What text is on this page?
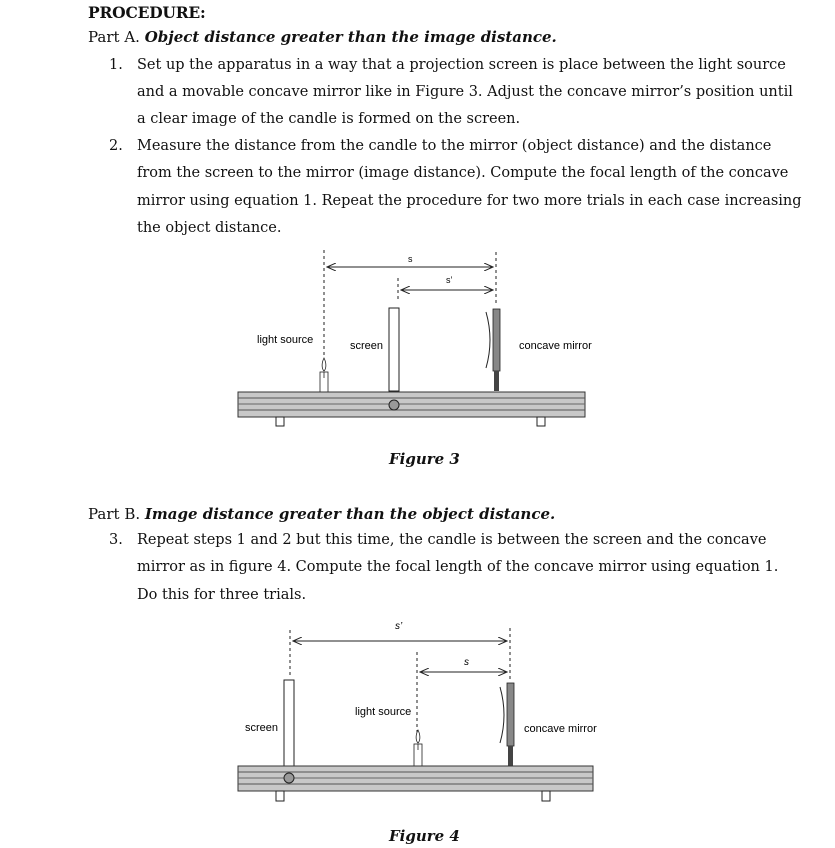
PROCEDURE:
Part A. Object distance greater than the image distance.
1. Set up the apparatus in a way that a projection screen is place between the light source
and a movable concave mirror like in Figure 3. Adjust the concave mirror’s position until
a clear image of the candle is formed on the screen.
2. Measure the distance from the candle to the mirror (object distance) and the distance
from the screen to the mirror (image distance). Compute the focal length of the concave
mirror using equation 1. Repeat the procedure for two more trials in each case increasing
the object distance.
s
s’
light source	screen	concave mirror
s’
s
screen
light source
concave mirror
Figure 3
Part B. Image distance greater than the object distance.
3. Repeat steps 1 and 2 but this time, the candle is between the screen and the concave
mirror as in figure 4. Compute the focal length of the concave mirror using equation 1.
Do this for three trials.
Figure 4
